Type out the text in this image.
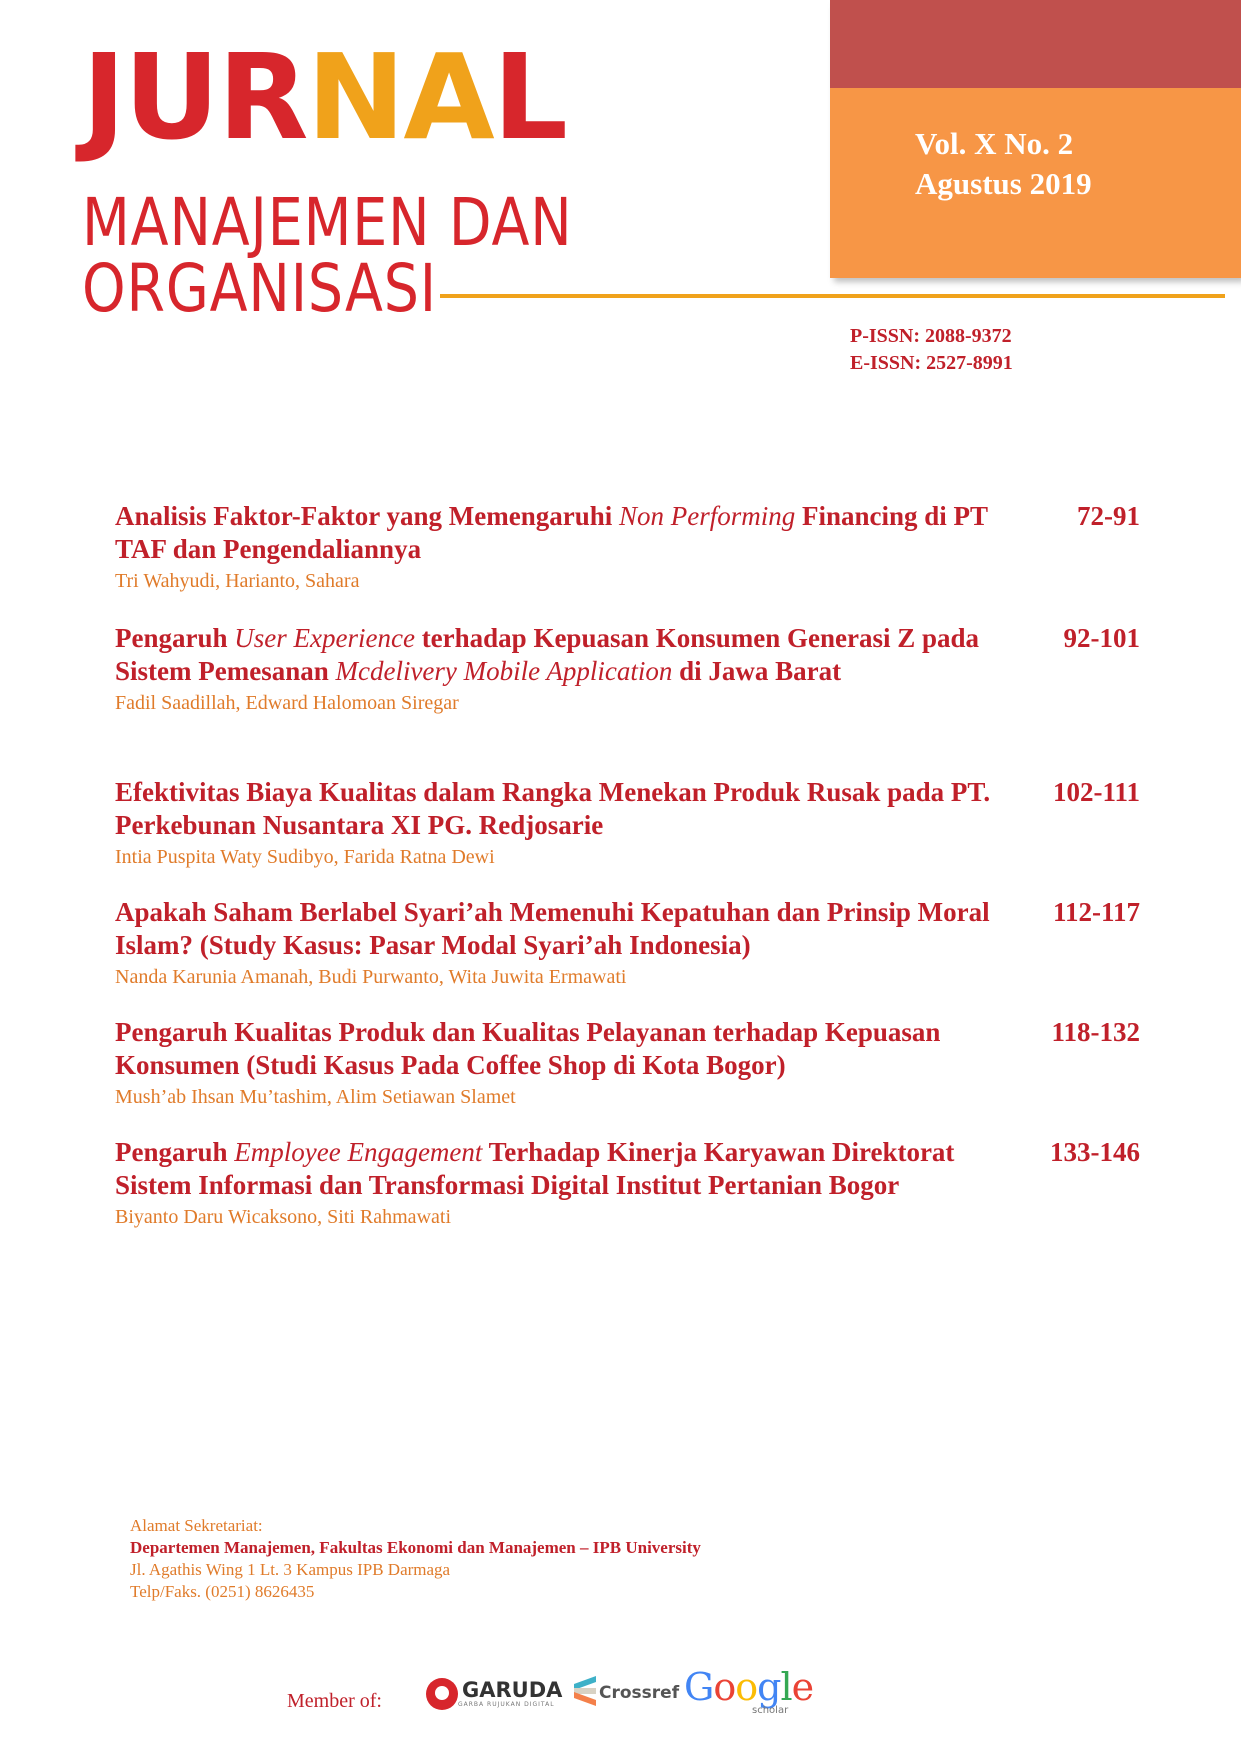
JURNAL
MANAJEMEN DAN
ORGANISASI
Vol. X No. 2
Agustus 2019
P-ISSN: 2088-9372
E-ISSN: 2527-8991
Analisis Faktor-Faktor yang Memengaruhi Non Performing Financing di PT TAF dan Pengendaliannya
72-91
Tri Wahyudi, Harianto, Sahara
Pengaruh User Experience terhadap Kepuasan Konsumen Generasi Z pada Sistem Pemesanan Mcdelivery Mobile Application di Jawa Barat
92-101
Fadil Saadillah, Edward Halomoan Siregar
Efektivitas Biaya Kualitas dalam Rangka Menekan Produk Rusak pada PT. Perkebunan Nusantara XI PG. Redjosarie
102-111
Intia Puspita Waty Sudibyo, Farida Ratna Dewi
Apakah Saham Berlabel Syari’ah Memenuhi Kepatuhan dan Prinsip Moral Islam? (Study Kasus: Pasar Modal Syari’ah Indonesia)
112-117
Nanda Karunia Amanah, Budi Purwanto, Wita Juwita Ermawati
Pengaruh Kualitas Produk dan Kualitas Pelayanan terhadap Kepuasan Konsumen (Studi Kasus Pada Coffee Shop di Kota Bogor)
118-132
Mush’ab Ihsan Mu’tashim, Alim Setiawan Slamet
Pengaruh Employee Engagement Terhadap Kinerja Karyawan Direktorat Sistem Informasi dan Transformasi Digital Institut Pertanian Bogor
133-146
Biyanto Daru Wicaksono, Siti Rahmawati
Alamat Sekretariat:
Departemen Manajemen, Fakultas Ekonomi dan Manajemen – IPB University
Jl. Agathis Wing 1 Lt. 3 Kampus IPB Darmaga
Telp/Faks. (0251) 8626435
Member of:	GARUDA
GARBA RUJUKAN DIGITAL
Crossref Google
scholar
